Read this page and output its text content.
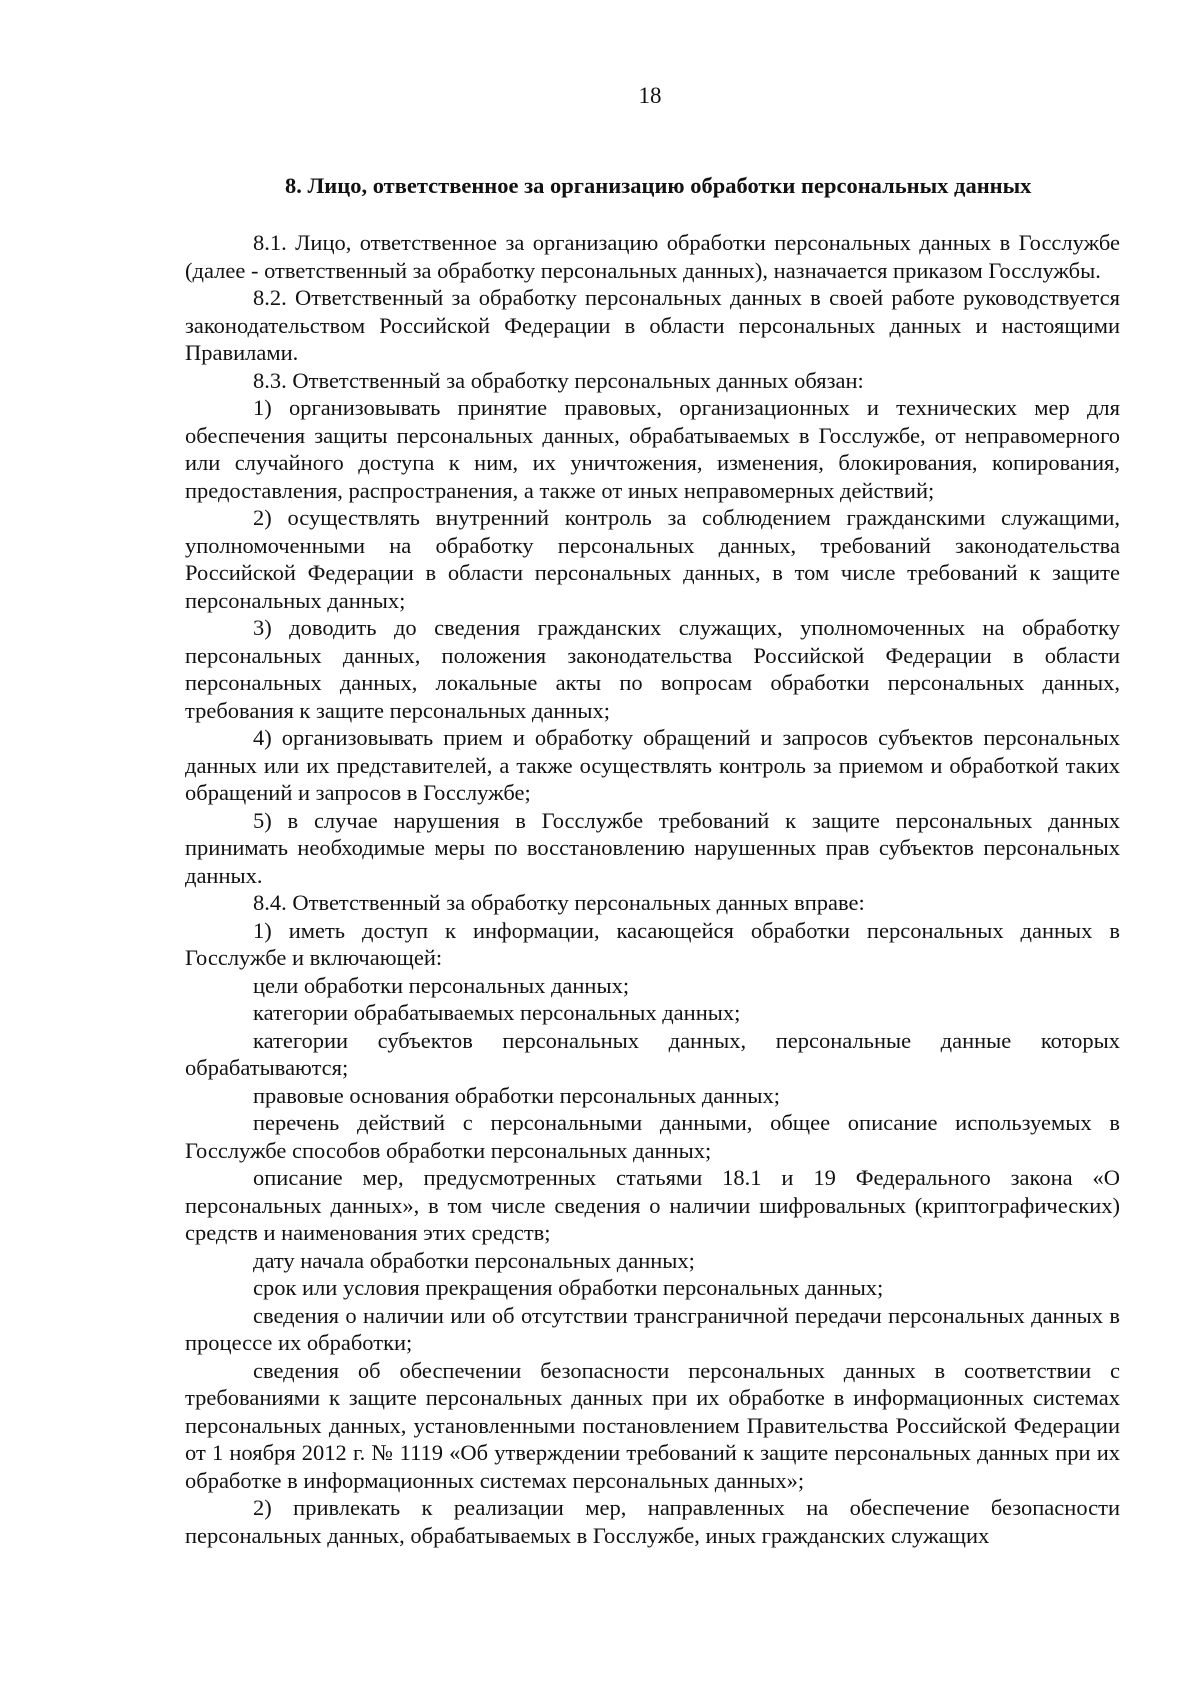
18
8. Лицо, ответственное за организацию обработки персональных данных

8.1. Лицо, ответственное за организацию обработки персональных данных в Госслужбе (далее - ответственный за обработку персональных данных), назначается приказом Госслужбы.

8.2. Ответственный за обработку персональных данных в своей работе руководствуется законодательством Российской Федерации в области персональных данных и настоящими Правилами.

8.3. Ответственный за обработку персональных данных обязан:

1) организовывать принятие правовых, организационных и технических мер для обеспечения защиты персональных данных, обрабатываемых в Госслужбе, от неправомерного или случайного доступа к ним, их уничтожения, изменения, блокирования, копирования, предоставления, распространения, а также от иных неправомерных действий;

2) осуществлять внутренний контроль за соблюдением гражданскими служащими, уполномоченными на обработку персональных данных, требований законодательства Российской Федерации в области персональных данных, в том числе требований к защите персональных данных;

3) доводить до сведения гражданских служащих, уполномоченных на обработку персональных данных, положения законодательства Российской Федерации в области персональных данных, локальные акты по вопросам обработки персональных данных, требования к защите персональных данных;

4) организовывать прием и обработку обращений и запросов субъектов персональных данных или их представителей, а также осуществлять контроль за приемом и обработкой таких обращений и запросов в Госслужбе;

5) в случае нарушения в Госслужбе требований к защите персональных данных принимать необходимые меры по восстановлению нарушенных прав субъектов персональных данных.

8.4. Ответственный за обработку персональных данных вправе:

1) иметь доступ к информации, касающейся обработки персональных данных в Госслужбе и включающей:

цели обработки персональных данных;

категории обрабатываемых персональных данных;

категории субъектов персональных данных, персональные данные которых обрабатываются;

правовые основания обработки персональных данных;

перечень действий с персональными данными, общее описание используемых в Госслужбе способов обработки персональных данных;

описание мер, предусмотренных статьями 18.1 и 19 Федерального закона «О персональных данных», в том числе сведения о наличии шифровальных (криптографических) средств и наименования этих средств;

дату начала обработки персональных данных;

срок или условия прекращения обработки персональных данных;

сведения о наличии или об отсутствии трансграничной передачи персональных данных в процессе их обработки;

сведения об обеспечении безопасности персональных данных в соответствии с требованиями к защите персональных данных при их обработке в информационных системах персональных данных, установленными постановлением Правительства Российской Федерации от 1 ноября 2012 г. № 1119 «Об утверждении требований к защите персональных данных при их обработке в информационных системах персональных данных»;

2) привлекать к реализации мер, направленных на обеспечение безопасности персональных данных, обрабатываемых в Госслужбе, иных гражданских служащих
